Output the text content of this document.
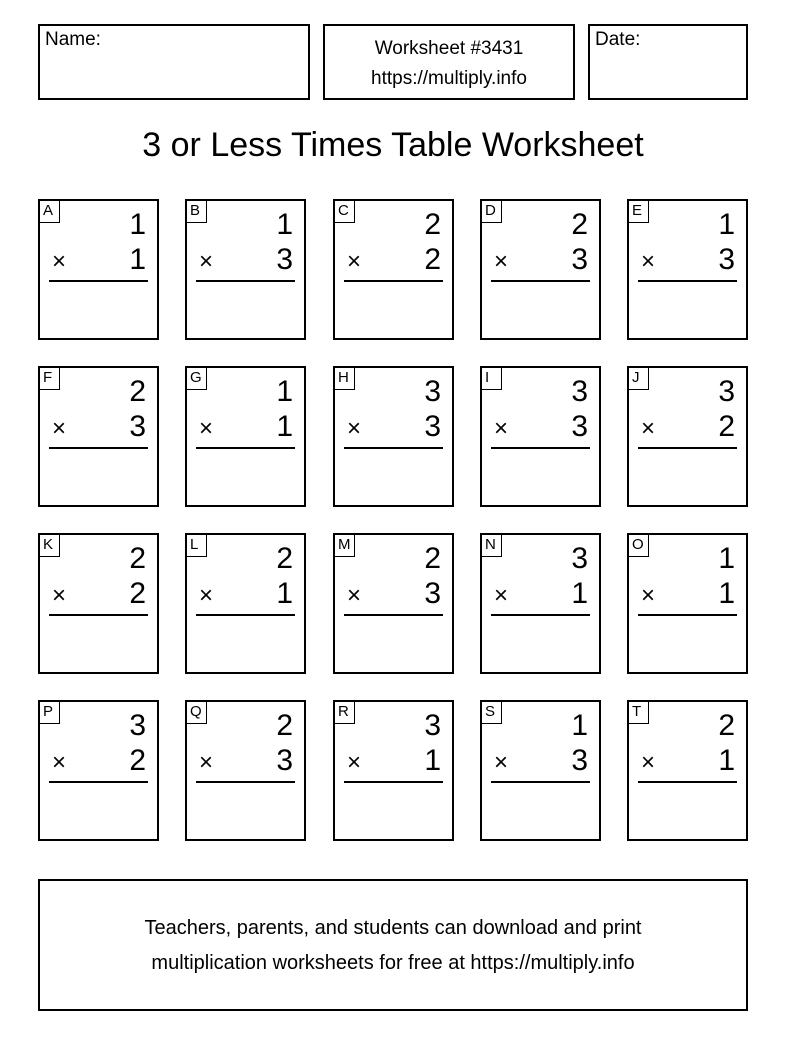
Name:	Worksheet #3431
https://multiply.info
Date:
3 or Less Times Table Worksheet
A	1
× 1
B	1
× 3
C	2
× 2
D	2
× 3
E	1
× 3
F	2
× 3
G 1
× 1
H	3
× 3
I	3
× 3
J	3
× 2
K	2
× 2
L	2
× 1
M 2
× 3
N	3
× 1
O 1
× 1
P	3
× 2
Q 2
× 3
R	3
× 1
S	1
× 3
T	2
× 1
Teachers, parents, and students can download and print
multiplication worksheets for free at https://multiply.info
